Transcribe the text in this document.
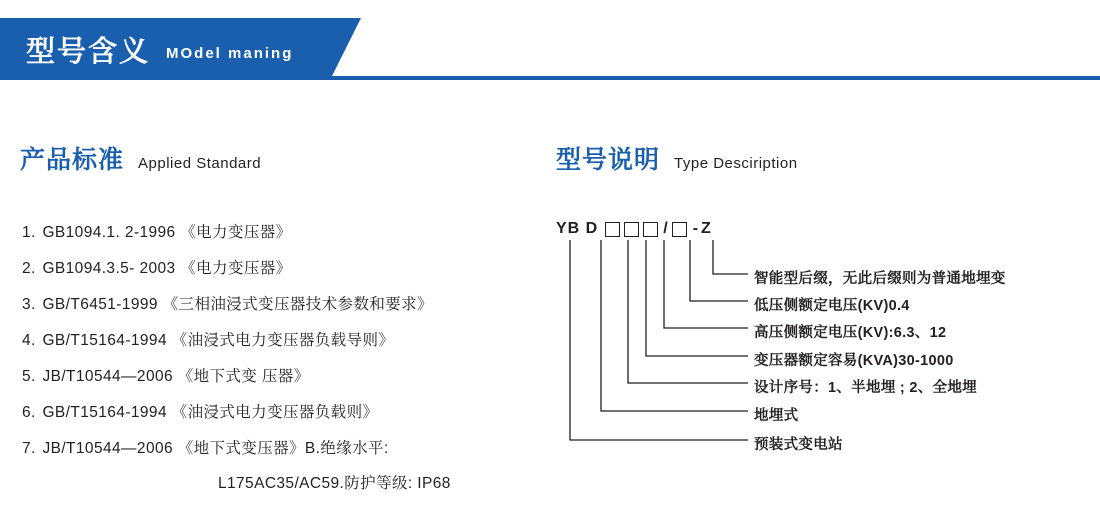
型号含义 MOdel maning
产品标准 Applied Standard	型号说明 Type Desciription
1. GB1094.1. 2-1996 《电力变压器》
2. GB1094.3.5- 2003 《电力变压器》
3. GB/T6451-1999 《三相油浸式变压器技术参数和要求》
4. GB/T15164-1994 《油浸式电力变压器负载导则》
5. JB/T10544—2006 《地下式变 压器》
6. GB/T15164-1994 《油浸式电力变压器负载则》
7. JB/T10544—2006 《地下式变压器》B.绝缘水平:
L175AC35/AC59.防护等级: IP68
YB D	/ - Z
智能型后缀，无此后缀则为普通地埋变
低压侧额定电压(KV)0.4
高压侧额定电压(KV):6.3、12
变压器额定容易(KVA)30-1000
设计序号：1、半地埋 ; 2、全地埋
地埋式
预装式变电站
